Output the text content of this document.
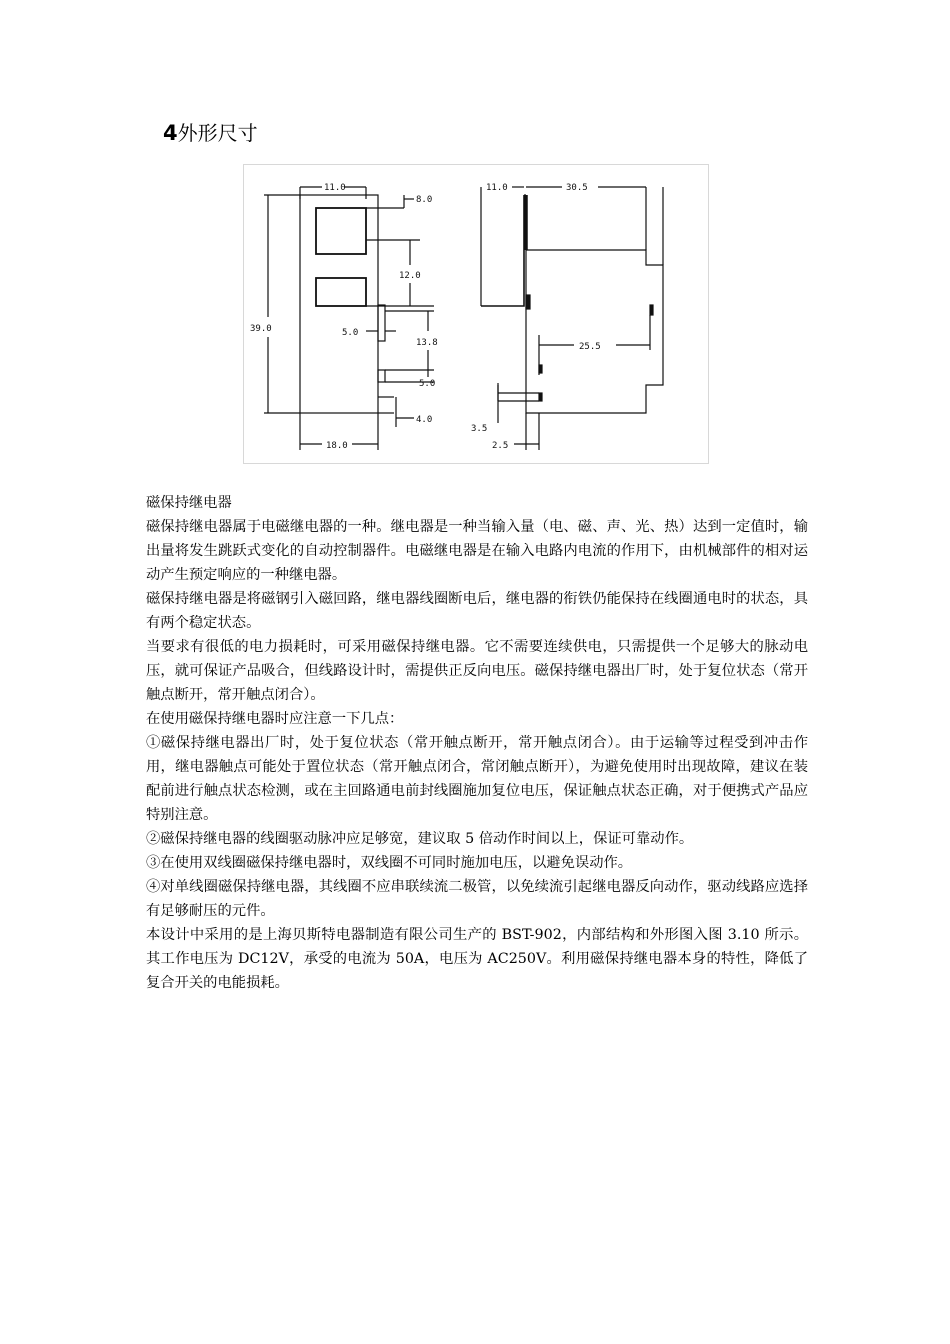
4外形尺寸
11.0
8.0
12.0
39.0	5.0
13.8
5.0
4.0
18.0
11.0	30.5
25.5
3.5
2.5

磁保持继电器

磁保持继电器属于电磁继电器的一种。继电器是一种当输入量（电、磁、声、光、热）达到一定值时，输出量将发生跳跃式变化的自动控制器件。电磁继电器是在输入电路内电流的作用下，由机械部件的相对运动产生预定响应的一种继电器。

磁保持继电器是将磁钢引入磁回路，继电器线圈断电后，继电器的衔铁仍能保持在线圈通电时的状态，具有两个稳定状态。

当要求有很低的电力损耗时，可采用磁保持继电器。它不需要连续供电，只需提供一个足够大的脉动电压，就可保证产品吸合，但线路设计时，需提供正反向电压。磁保持继电器出厂时，处于复位状态（常开触点断开，常开触点闭合）。

在使用磁保持继电器时应注意一下几点：

①磁保持继电器出厂时，处于复位状态（常开触点断开，常开触点闭合）。由于运输等过程受到冲击作用，继电器触点可能处于置位状态（常开触点闭合，常闭触点断开），为避免使用时出现故障，建议在装配前进行触点状态检测，或在主回路通电前封线圈施加复位电压，保证触点状态正确，对于便携式产品应特别注意。

②磁保持继电器的线圈驱动脉冲应足够宽，建议取 5 倍动作时间以上，保证可靠动作。

③在使用双线圈磁保持继电器时，双线圈不可同时施加电压，以避免误动作。

④对单线圈磁保持继电器，其线圈不应串联续流二极管，以免续流引起继电器反向动作，驱动线路应选择有足够耐压的元件。

本设计中采用的是上海贝斯特电器制造有限公司生产的 BST-902，内部结构和外形图入图 3.10 所示。其工作电压为 DC12V，承受的电流为 50A，电压为 AC250V。利用磁保持继电器本身的特性，降低了复合开关的电能损耗。
